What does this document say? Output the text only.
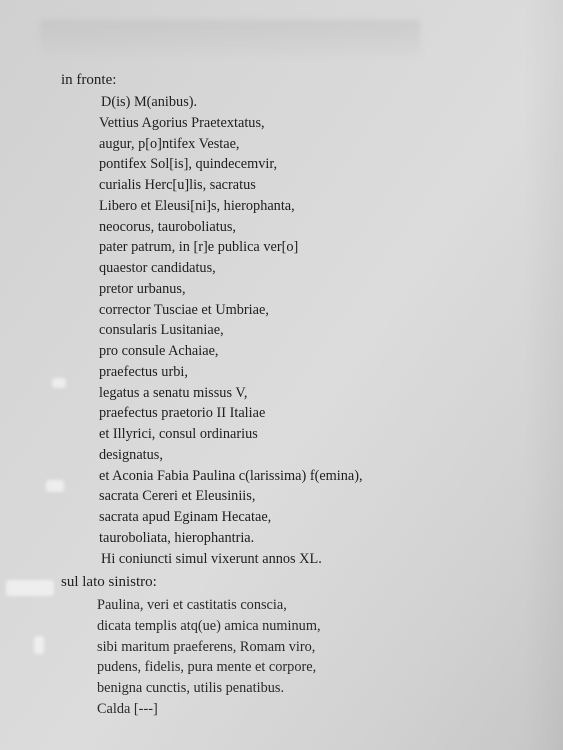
in fronte:

D(is) M(anibus).
Vettius Agorius Praetextatus,
augur, p[o]ntifex Vestae,
pontifex Sol[is], quindecemvir,
curialis Herc[u]lis, sacratus
Libero et Eleusi[ni]s, hierophanta,
neocorus, tauroboliatus,
pater patrum, in [r]e publica ver[o]
quaestor candidatus,
pretor urbanus,
corrector Tusciae et Umbriae,
consularis Lusitaniae,
pro consule Achaiae,
praefectus urbi,
legatus a senatu missus V,
praefectus praetorio II Italiae
et Illyrici, consul ordinarius
designatus,
et Aconia Fabia Paulina c(larissima) f(emina),
sacrata Cereri et Eleusiniis,
sacrata apud Eginam Hecatae,
tauroboliata, hierophantria.
Hi coniuncti simul vixerunt annos XL.

sul lato sinistro:

Paulina, veri et castitatis conscia,
dicata templis atq(ue) amica numinum,
sibi maritum praeferens, Romam viro,
pudens, fidelis, pura mente et corpore,
benigna cunctis, utilis penatibus.
Calda [---]
